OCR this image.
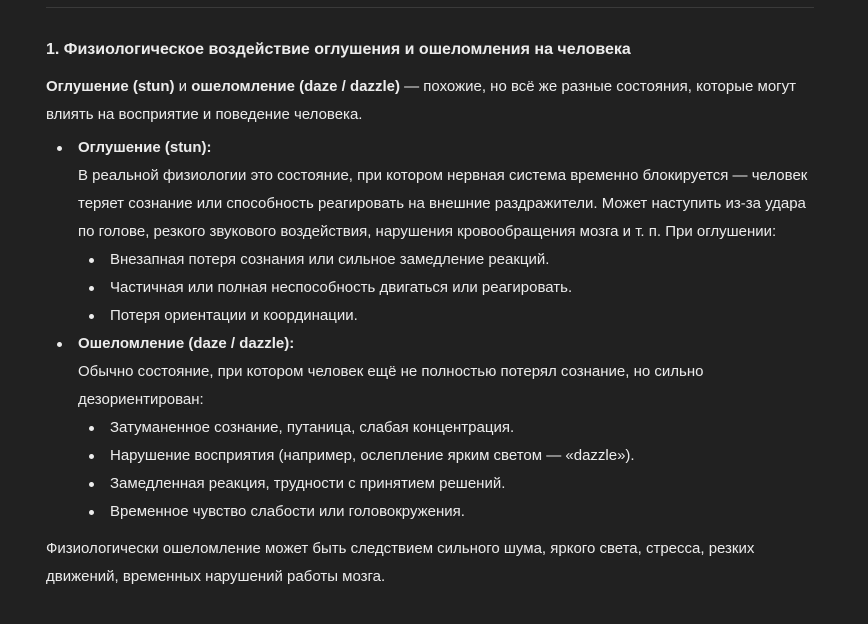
1. Физиологическое воздействие оглушения и ошеломления на человека

Оглушение (stun) и ошеломление (daze / dazzle) — похожие, но всё же разные состояния, которые могут влиять на восприятие и поведение человека.

Оглушение (stun):

В реальной физиологии это состояние, при котором нервная система временно блокируется — человек теряет сознание или способность реагировать на внешние раздражители. Может наступить из-за удара по голове, резкого звукового воздействия, нарушения кровообращения мозга и т. п. При оглушении:

Внезапная потеря сознания или сильное замедление реакций.
Частичная или полная неспособность двигаться или реагировать.
Потеря ориентации и координации.
Ошеломление (daze / dazzle):

Обычно состояние, при котором человек ещё не полностью потерял сознание, но сильно дезориентирован:

Затуманенное сознание, путаница, слабая концентрация.
Нарушение восприятия (например, ослепление ярким светом — «dazzle»).
Замедленная реакция, трудности с принятием решений.
Временное чувство слабости или головокружения.

Физиологически ошеломление может быть следствием сильного шума, яркого света, стресса, резких движений, временных нарушений работы мозга.
